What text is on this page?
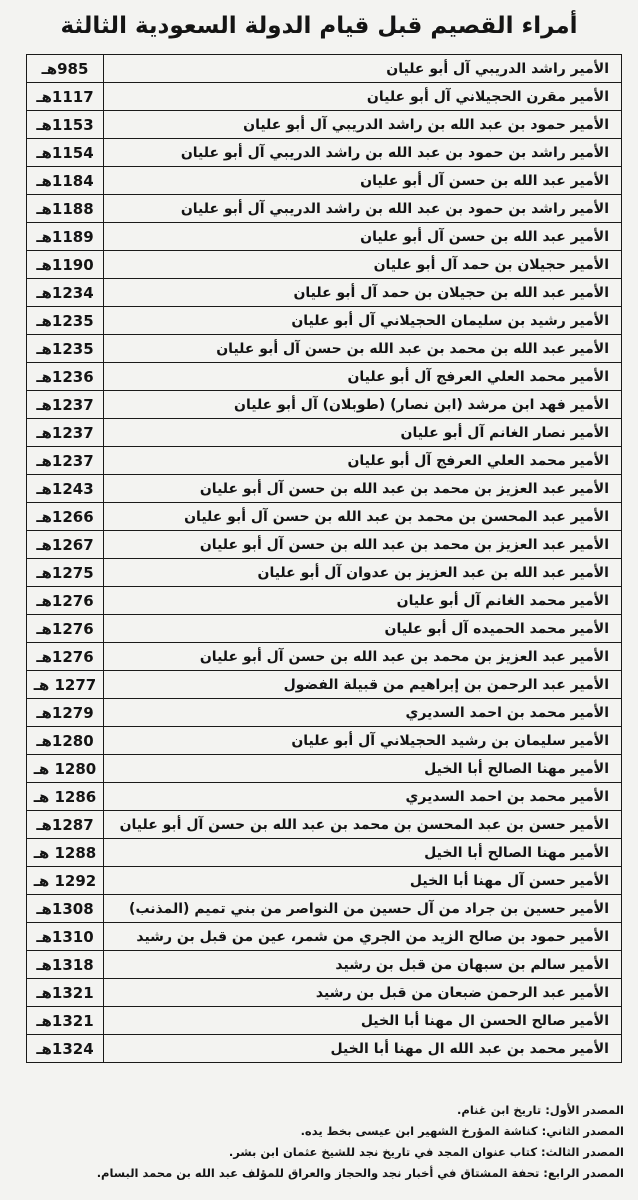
أمراء القصيم قبل قيام الدولة السعودية الثالثة
985هـ	الأمير راشد الدريبي آل أبو عليان
1117هـ	الأمير مقرن الحجيلاني آل أبو عليان
1153هـ	الأمير حمود بن عبد الله بن راشد الدريبي آل أبو عليان
1154هـ	الأمير راشد بن حمود بن عبد الله بن راشد الدريبي آل أبو عليان
1184هـ	الأمير عبد الله بن حسن آل أبو عليان
1188هـ	الأمير راشد بن حمود بن عبد الله بن راشد الدريبي آل أبو عليان
1189هـ	الأمير عبد الله بن حسن آل أبو عليان
1190هـ	الأمير حجيلان بن حمد آل أبو عليان
1234هـ	الأمير عبد الله بن حجيلان بن حمد آل أبو عليان
1235هـ	الأمير رشيد بن سليمان الحجيلاني آل أبو عليان
1235هـ	الأمير عبد الله بن محمد بن عبد الله بن حسن آل أبو عليان
1236هـ	الأمير محمد العلي العرفج آل أبو عليان
1237هـ	الأمير فهد ابن مرشد (ابن نصار) (طوبلان) آل أبو عليان
1237هـ	الأمير نصار الغانم آل أبو عليان
1237هـ	الأمير محمد العلي العرفج آل أبو عليان
1243هـ	الأمير عبد العزيز بن محمد بن عبد الله بن حسن آل أبو عليان
1266هـ	الأمير عبد المحسن بن محمد بن عبد الله بن حسن آل أبو عليان
1267هـ	الأمير عبد العزيز بن محمد بن عبد الله بن حسن آل أبو عليان
1275هـ	الأمير عبد الله بن عبد العزيز بن عدوان آل أبو عليان
1276هـ	الأمير محمد الغانم آل أبو عليان
1276هـ	الأمير محمد الحميده آل أبو عليان
1276هـ	الأمير عبد العزيز بن محمد بن عبد الله بن حسن آل أبو عليان
1277 هـ	الأمير عبد الرحمن بن إبراهيم من قبيلة الفضول
1279هـ	الأمير محمد بن احمد السديري
1280هـ	الأمير سليمان بن رشيد الحجيلاني آل أبو عليان
1280 هـ	الأمير مهنا الصالح أبا الخيل
1286 هـ	الأمير محمد بن احمد السديري
1287هـ	الأمير حسن بن عبد المحسن بن محمد بن عبد الله بن حسن آل أبو عليان
1288 هـ	الأمير مهنا الصالح أبا الخيل
1292 هـ	الأمير حسن آل مهنا أبا الخيل
1308هـ	الأمير حسين بن جراد من آل حسين من النواصر من بني تميم (المذنب)
1310هـ	الأمير حمود بن صالح الزيد من الجري من شمر، عين من قبل بن رشيد
1318هـ	الأمير سالم بن سبهان من قبل بن رشيد
1321هـ	الأمير عبد الرحمن ضبعان من قبل بن رشيد
1321هـ	الأمير صالح الحسن ال مهنا أبا الخيل
1324هـ	الأمير محمد بن عبد الله ال مهنا أبا الخيل
المصدر الأول: تاريخ ابن غنام.
المصدر الثاني: كناشة المؤرخ الشهير ابن عيسى بخط يده.
المصدر الثالث: كتاب عنوان المجد في تاريخ نجد للشيخ عثمان ابن بشر.
المصدر الرابع: تحفة المشتاق في أخبار نجد والحجاز والعراق للمؤلف عبد الله بن محمد البسام.
